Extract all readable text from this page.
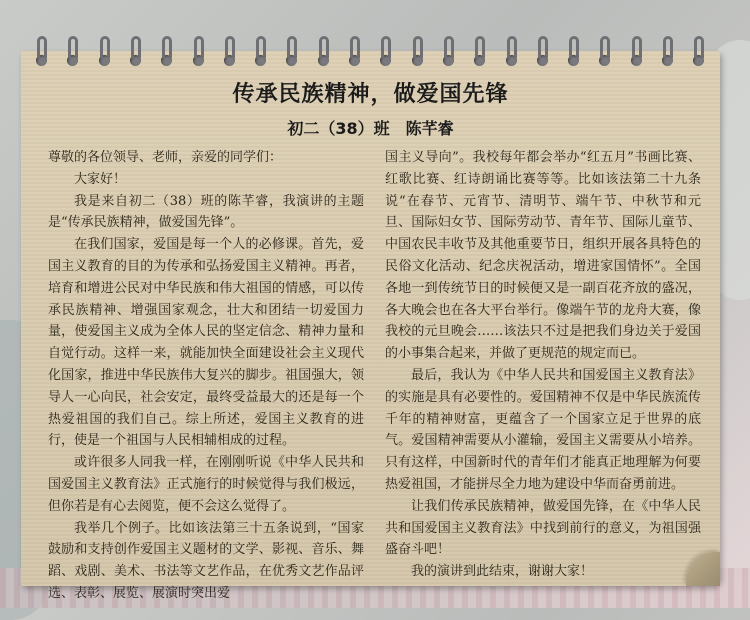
传承民族精神，做爱国先锋
初二（38）班　陈芊睿

尊敬的各位领导、老师，亲爱的同学们：

大家好！

我是来自初二（38）班的陈芊睿，我演讲的主题是“传承民族精神，做爱国先锋”。

在我们国家，爱国是每一个人的必修课。首先，爱国主义教育的目的为传承和弘扬爱国主义精神。再者，培育和增进公民对中华民族和伟大祖国的情感，可以传承民族精神、增强国家观念，壮大和团结一切爱国力量，使爱国主义成为全体人民的坚定信念、精神力量和自觉行动。这样一来，就能加快全面建设社会主义现代化国家，推进中华民族伟大复兴的脚步。祖国强大，领导人一心向民，社会安定，最终受益最大的还是每一个热爱祖国的我们自己。综上所述，爱国主义教育的进行，使是一个祖国与人民相辅相成的过程。

或许很多人同我一样，在刚刚听说《中华人民共和国爱国主义教育法》正式施行的时候觉得与我们极远，但你若是有心去阅览，便不会这么觉得了。

我举几个例子。比如该法第三十五条说到，“国家鼓励和支持创作爱国主义题材的文学、影视、音乐、舞蹈、戏剧、美术、书法等文艺作品，在优秀文艺作品评选、表彰、展览、展演时突出爱

国主义导向”。我校每年都会举办“红五月”书画比赛、红歌比赛、红诗朗诵比赛等等。比如该法第二十九条说“在春节、元宵节、清明节、端午节、中秋节和元旦、国际妇女节、国际劳动节、青年节、国际儿童节、中国农民丰收节及其他重要节日，组织开展各具特色的民俗文化活动、纪念庆祝活动，增进家国情怀”。全国各地一到传统节日的时候便又是一副百花齐放的盛况，各大晚会也在各大平台举行。像端午节的龙舟大赛，像我校的元旦晚会……该法只不过是把我们身边关于爱国的小事集合起来，并做了更规范的规定而已。

最后，我认为《中华人民共和国爱国主义教育法》的实施是具有必要性的。爱国精神不仅是中华民族流传千年的精神财富，更蕴含了一个国家立足于世界的底气。爱国精神需要从小灌输，爱国主义需要从小培养。只有这样，中国新时代的青年们才能真正地理解为何要热爱祖国，才能拼尽全力地为建设中华而奋勇前进。

让我们传承民族精神，做爱国先锋，在《中华人民共和国爱国主义教育法》中找到前行的意义，为祖国强盛奋斗吧！

我的演讲到此结束，谢谢大家！
